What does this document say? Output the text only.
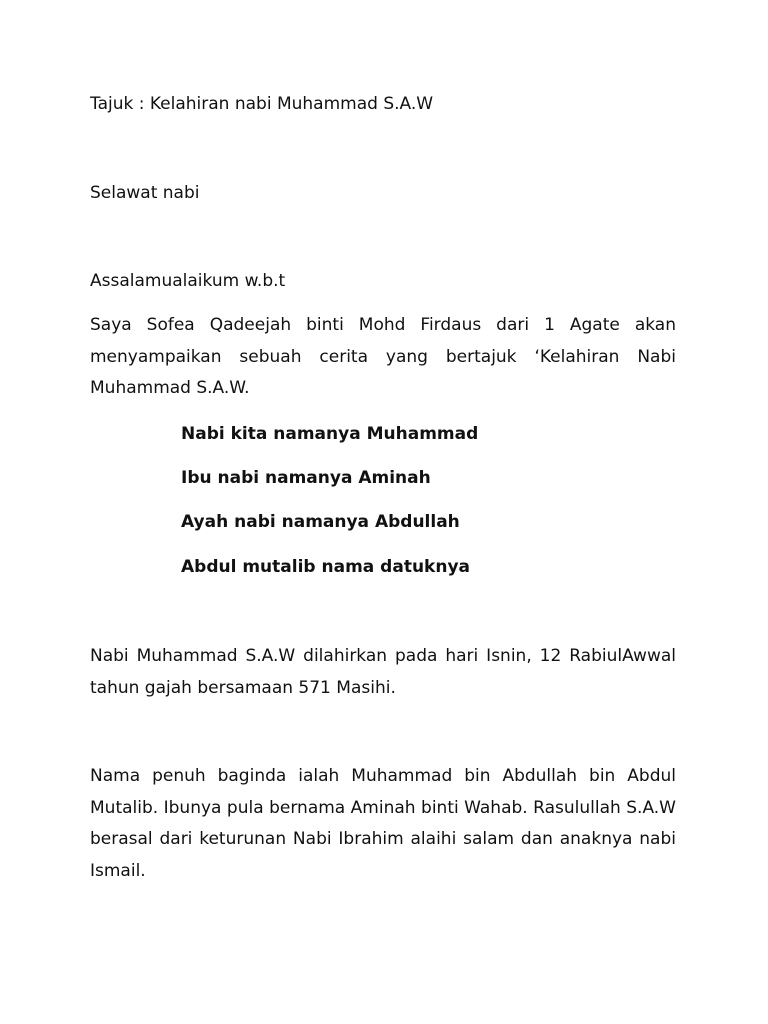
Tajuk : Kelahiran nabi Muhammad S.A.W
Selawat nabi
Assalamualaikum w.b.t
Saya Sofea Qadeejah binti Mohd Firdaus dari 1 Agate akan menyampaikan sebuah cerita yang bertajuk ‘Kelahiran Nabi Muhammad S.A.W.
Nabi kita namanya Muhammad
Ibu nabi namanya Aminah
Ayah nabi namanya Abdullah
Abdul mutalib nama datuknya
Nabi Muhammad S.A.W dilahirkan pada hari Isnin, 12 RabiulAwwal tahun gajah bersamaan 571 Masihi.
Nama penuh baginda ialah Muhammad bin Abdullah bin Abdul Mutalib. Ibunya pula bernama Aminah binti Wahab. Rasulullah S.A.W berasal dari keturunan Nabi Ibrahim alaihi salam dan anaknya nabi Ismail.
